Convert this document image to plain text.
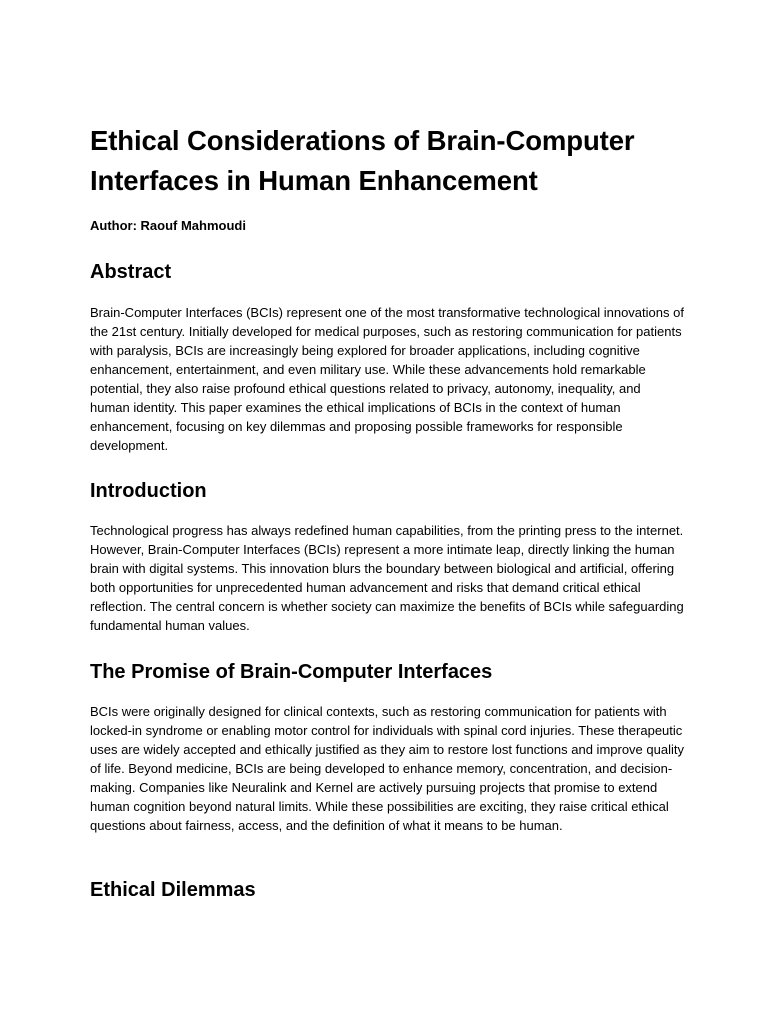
Ethical Considerations of Brain-Computer Interfaces in Human Enhancement

Author: Raouf Mahmoudi

Abstract

Brain-Computer Interfaces (BCIs) represent one of the most transformative technological innovations of the 21st century. Initially developed for medical purposes, such as restoring communication for patients with paralysis, BCIs are increasingly being explored for broader applications, including cognitive enhancement, entertainment, and even military use. While these advancements hold remarkable potential, they also raise profound ethical questions related to privacy, autonomy, inequality, and human identity. This paper examines the ethical implications of BCIs in the context of human enhancement, focusing on key dilemmas and proposing possible frameworks for responsible development.

Introduction

Technological progress has always redefined human capabilities, from the printing press to the internet. However, Brain-Computer Interfaces (BCIs) represent a more intimate leap, directly linking the human brain with digital systems. This innovation blurs the boundary between biological and artificial, offering both opportunities for unprecedented human advancement and risks that demand critical ethical reflection. The central concern is whether society can maximize the benefits of BCIs while safeguarding fundamental human values.

The Promise of Brain-Computer Interfaces

BCIs were originally designed for clinical contexts, such as restoring communication for patients with locked-in syndrome or enabling motor control for individuals with spinal cord injuries. These therapeutic uses are widely accepted and ethically justified as they aim to restore lost functions and improve quality of life. Beyond medicine, BCIs are being developed to enhance memory, concentration, and decision-making. Companies like Neuralink and Kernel are actively pursuing projects that promise to extend human cognition beyond natural limits. While these possibilities are exciting, they raise critical ethical questions about fairness, access, and the definition of what it means to be human.

Ethical Dilemmas
